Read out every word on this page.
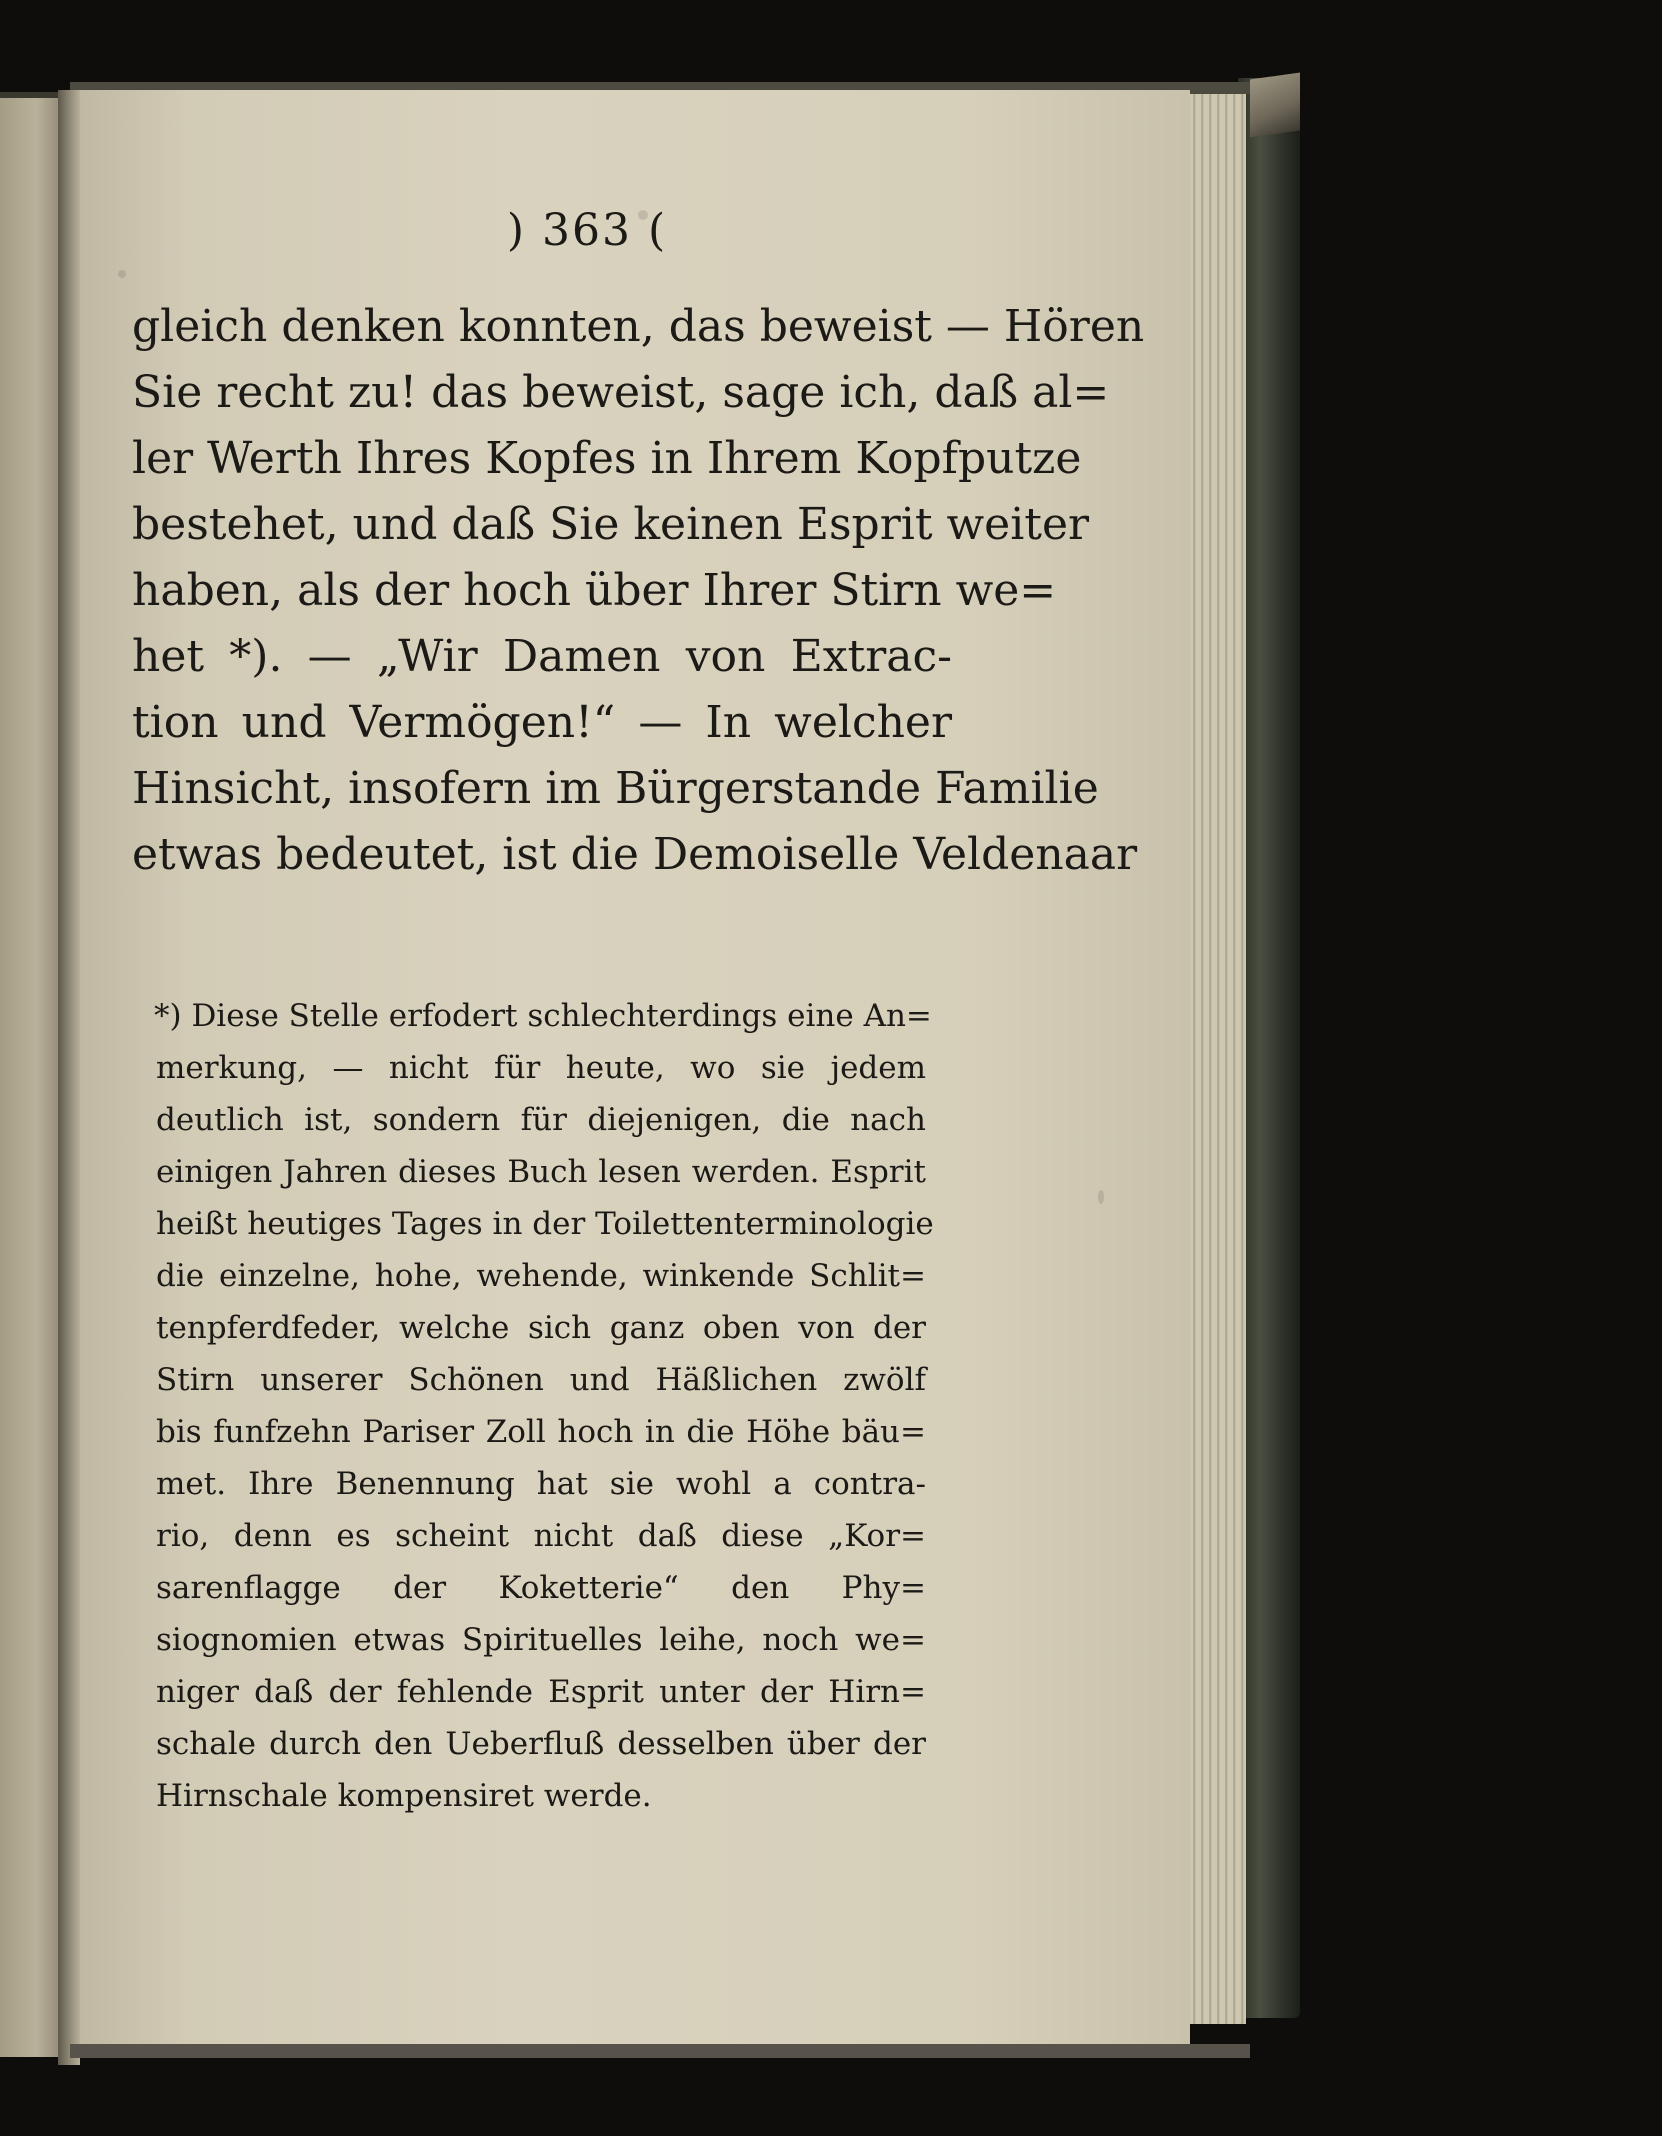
) 363 (
gleich denken konnten, das beweist — Hören
Sie recht zu! das beweist, sage ich, daß al=
ler Werth Ihres Kopfes in Ihrem Kopfputze
bestehet, und daß Sie keinen Esprit weiter
haben, als der hoch über Ihrer Stirn we=
het *). — „Wir Damen von Extrac-
tion und Vermögen!“ — In welcher
Hinsicht, insofern im Bürgerstande Familie
etwas bedeutet, ist die Demoiselle Veldenaar
*) Diese Stelle erfodert schlechterdings eine An=
merkung, — nicht für heute, wo sie jedem
deutlich ist, sondern für diejenigen, die nach
einigen Jahren dieses Buch lesen werden. Esprit
heißt heutiges Tages in der Toilettenterminologie
die einzelne, hohe, wehende, winkende Schlit=
tenpferdfeder, welche sich ganz oben von der
Stirn unserer Schönen und Häßlichen zwölf
bis funfzehn Pariser Zoll hoch in die Höhe bäu=
met. Ihre Benennung hat sie wohl a contra-
rio, denn es scheint nicht daß diese „Kor=
sarenflagge der Koketterie“ den Phy=
siognomien etwas Spirituelles leihe, noch we=
niger daß der fehlende Esprit unter der Hirn=
schale durch den Ueberfluß desselben über der
Hirnschale kompensiret werde.
